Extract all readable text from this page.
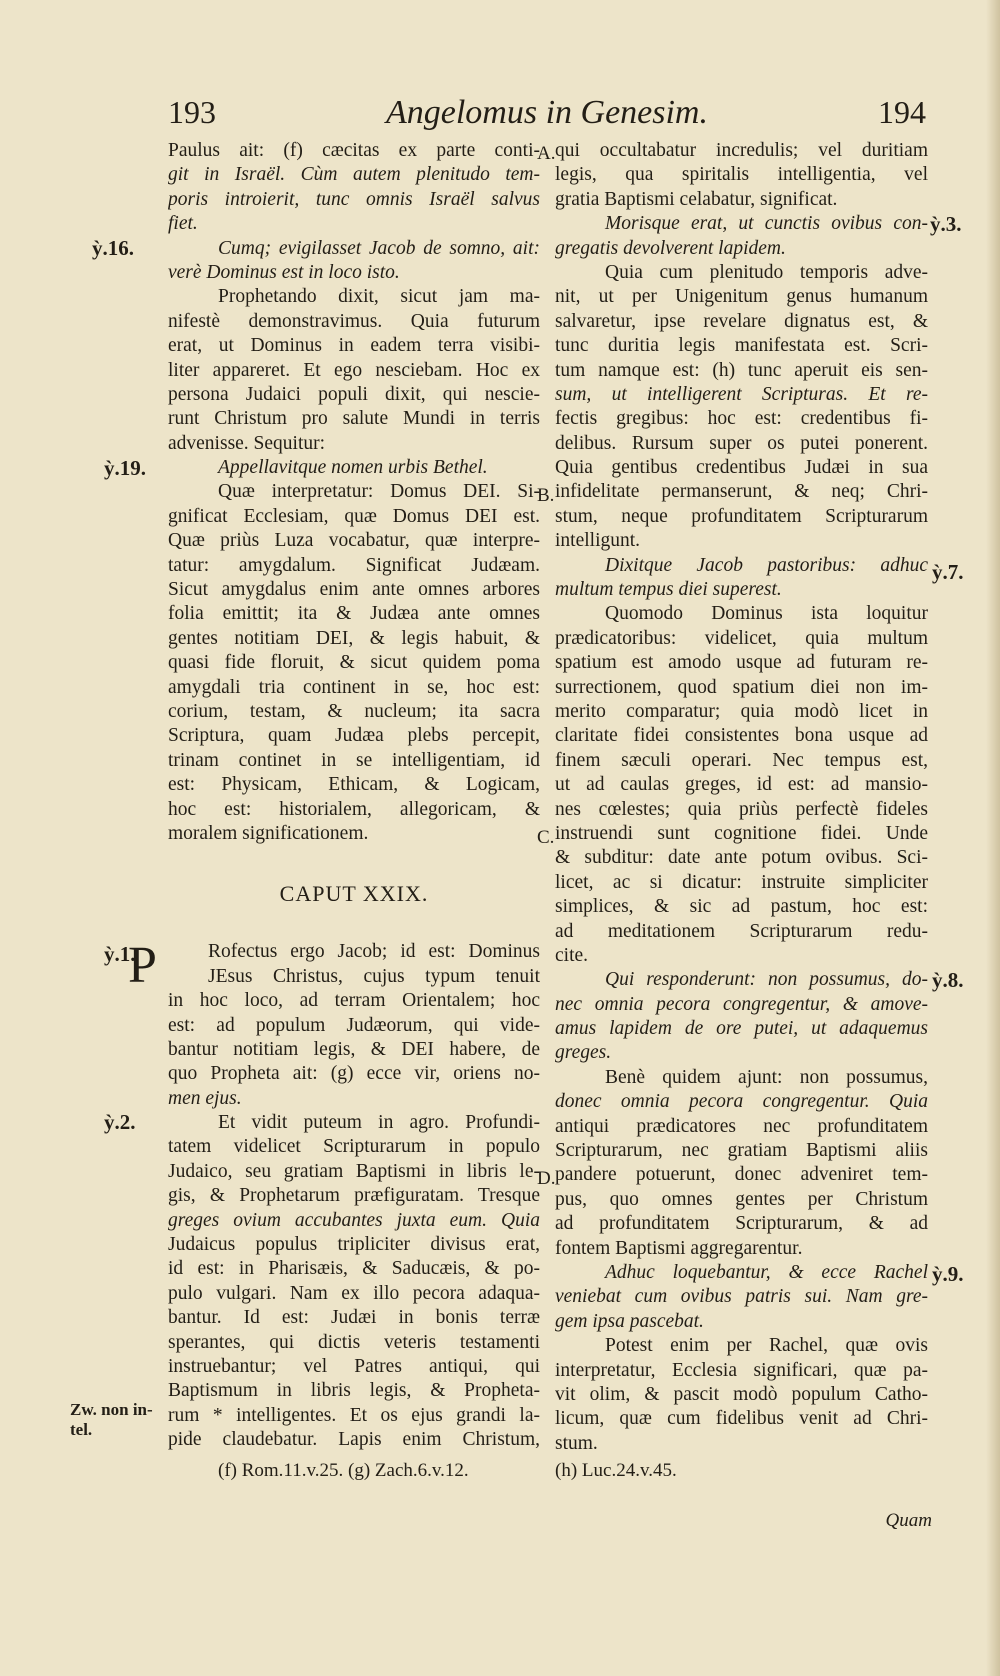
193	Angelomus in Genesim.	194
Paulus ait: (f) cæcitas ex parte conti-
git in Israël. Cùm autem plenitudo tem-
poris introierit, tunc omnis Israël salvus
fiet.
Cumq; evigilasset Jacob de somno, ait:
verè Dominus est in loco isto.
Prophetando dixit, sicut jam ma-
nifestè demonstravimus. Quia futurum
erat, ut Dominus in eadem terra visibi-
liter appareret. Et ego nesciebam. Hoc ex
persona Judaici populi dixit, qui nescie-
runt Christum pro salute Mundi in terris
advenisse. Sequitur:
Appellavitque nomen urbis Bethel.
Quæ interpretatur: Domus DEI. Si-
gnificat Ecclesiam, quæ Domus DEI est.
Quæ priùs Luza vocabatur, quæ interpre-
tatur: amygdalum. Significat Judæam.
Sicut amygdalus enim ante omnes arbores
folia emittit; ita & Judæa ante omnes
gentes notitiam DEI, & legis habuit, &
quasi fide floruit, & sicut quidem poma
amygdali tria continent in se, hoc est:
corium, testam, & nucleum; ita sacra
Scriptura, quam Judæa plebs percepit,
trinam continet in se intelligentiam, id
est: Physicam, Ethicam, & Logicam,
hoc est: historialem, allegoricam, &
moralem significationem.
CAPUT XXIX.
P	Rofectus ergo Jacob; id est: Dominus
JEsus Christus, cujus typum tenuit
in hoc loco, ad terram Orientalem; hoc
est: ad populum Judæorum, qui vide-
bantur notitiam legis, & DEI habere, de
quo Propheta ait: (g) ecce vir, oriens no-
men ejus.
Et vidit puteum in agro. Profundi-
tatem videlicet Scripturarum in populo
Judaico, seu gratiam Baptismi in libris le-
gis, & Prophetarum præfiguratam. Tresque
greges ovium accubantes juxta eum. Quia
Judaicus populus tripliciter divisus erat,
id est: in Pharisæis, & Saducæis, & po-
pulo vulgari. Nam ex illo pecora adaqua-
bantur. Id est: Judæi in bonis terræ
sperantes, qui dictis veteris testamenti
instruebantur; vel Patres antiqui, qui
Baptismum in libris legis, & Propheta-
rum * intelligentes. Et os ejus grandi la-
pide claudebatur. Lapis enim Christum,
qui occultabatur incredulis; vel duritiam
legis, qua spiritalis intelligentia, vel
gratia Baptismi celabatur, significat.
Morisque erat, ut cunctis ovibus con-
gregatis devolverent lapidem.
Quia cum plenitudo temporis adve-
nit, ut per Unigenitum genus humanum
salvaretur, ipse revelare dignatus est, &
tunc duritia legis manifestata est. Scri-
tum namque est: (h) tunc aperuit eis sen-
sum, ut intelligerent Scripturas. Et re-
fectis gregibus: hoc est: credentibus fi-
delibus. Rursum super os putei ponerent.
Quia gentibus credentibus Judæi in sua
infidelitate permanserunt, & neq; Chri-
stum, neque profunditatem Scripturarum
intelligunt.
Dixitque Jacob pastoribus: adhuc
multum tempus diei superest.
Quomodo Dominus ista loquitur
prædicatoribus: videlicet, quia multum
spatium est amodo usque ad futuram re-
surrectionem, quod spatium diei non im-
merito comparatur; quia modò licet in
claritate fidei consistentes bona usque ad
finem sæculi operari. Nec tempus est,
ut ad caulas greges, id est: ad mansio-
nes cœlestes; quia priùs perfectè fideles
instruendi sunt cognitione fidei. Unde
& subditur: date ante potum ovibus. Sci-
licet, ac si dicatur: instruite simpliciter
simplices, & sic ad pastum, hoc est:
ad meditationem Scripturarum redu-
cite.
Qui responderunt: non possumus, do-
nec omnia pecora congregentur, & amove-
amus lapidem de ore putei, ut adaquemus
greges.
Benè quidem ajunt: non possumus,
donec omnia pecora congregentur. Quia
antiqui prædicatores nec profunditatem
Scripturarum, nec gratiam Baptismi aliis
pandere potuerunt, donec adveniret tem-
pus, quo omnes gentes per Christum
ad profunditatem Scripturarum, & ad
fontem Baptismi aggregarentur.
Adhuc loquebantur, & ecce Rachel
veniebat cum ovibus patris sui. Nam gre-
gem ipsa pascebat.
Potest enim per Rachel, quæ ovis
interpretatur, Ecclesia significari, quæ pa-
vit olim, & pascit modò populum Catho-
licum, quæ cum fidelibus venit ad Chri-
stum.
ỳ.16.
ỳ.19.
ỳ.3.
ỳ.7.
ỳ.1.
ỳ.8.
ỳ.2.
ỳ.9.
A.
B.
C.
D.
Zw. non in-tel.
(f) Rom.11.v.25. (g) Zach.6.v.12.	(h) Luc.24.v.45.
Quam
